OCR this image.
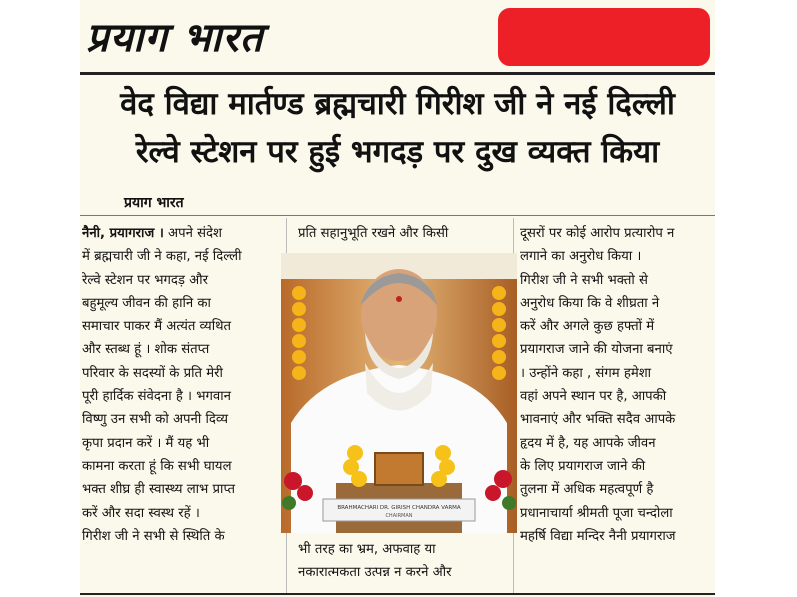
प्रयाग भारत
वेद विद्या मार्तण्ड ब्रह्मचारी गिरीश जी ने नई दिल्ली
रेल्वे स्टेशन पर हुई भगदड़ पर दुख व्यक्त किया
प्रयाग भारत

नैनी, प्रयागराज । अपने संदेश

में ब्रह्मचारी जी ने कहा, नई दिल्ली

रेल्वे स्टेशन पर भगदड़ और

बहुमूल्य जीवन की हानि का

समाचार पाकर मैं अत्यंत व्यथित

और स्तब्ध हूं । शोक संतप्त

परिवार के सदस्यों के प्रति मेरी

पूरी हार्दिक संवेदना है । भगवान

विष्णु उन सभी को अपनी दिव्य

कृपा प्रदान करें । मैं यह भी

कामना करता हूं कि सभी घायल

भक्त शीघ्र ही स्वास्थ्य लाभ प्राप्त

करें और सदा स्वस्थ रहें ।

गिरीश जी ने सभी से स्थिति के

प्रति सहानुभूति रखने और किसी

BRAHMACHARI DR. GIRISH CHANDRA VARMA
CHAIRMAN

भी तरह का भ्रम, अफवाह या

नकारात्मकता उत्पन्न न करने और

दूसरों पर कोई आरोप प्रत्यारोप न

लगाने का अनुरोध किया ।

गिरीश जी ने सभी भक्तो से

अनुरोध किया कि वे शीघ्रता ने

करें और अगले कुछ हफ्तों में

प्रयागराज जाने की योजना बनाएं

। उन्होंने कहा , संगम हमेशा

वहां अपने स्थान पर है, आपकी

भावनाएं और भक्ति सदैव आपके

हृदय में है, यह आपके जीवन

के लिए प्रयागराज जाने की

तुलना में अधिक महत्वपूर्ण है

प्रधानाचार्या श्रीमती पूजा चन्दोला

महर्षि विद्या मन्दिर नैनी प्रयागराज
